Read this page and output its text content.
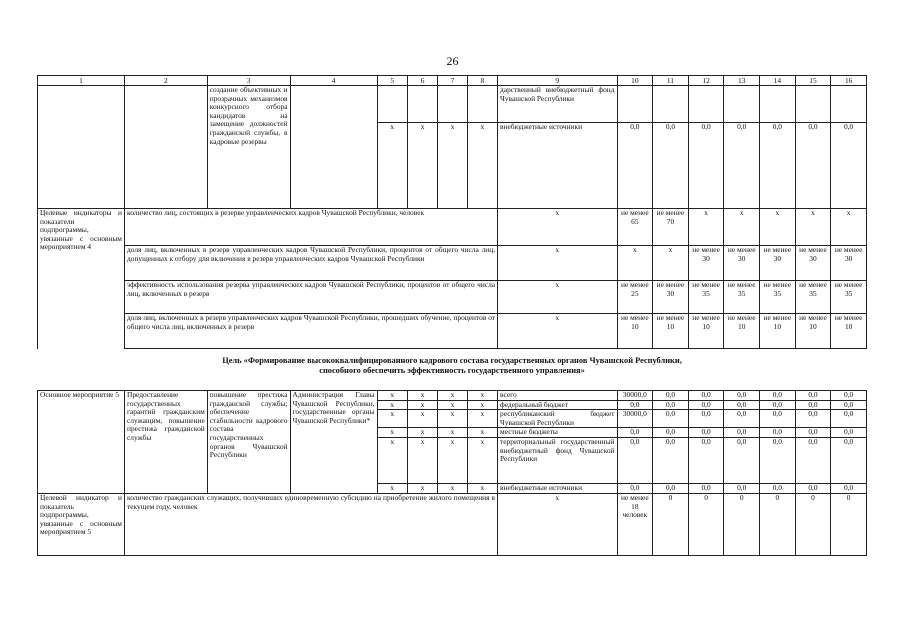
26
1	2	3	4	5	6	7	8	9	10	11	12	13	14	15	16
		создание объективных и прозрачных механизмов конкурсного отбора кандидатов на замещение должностей гражданской службы, в кадровые резервы						дарственный внебюджетный фонд Чувашской Республики							
				х	х	х	х	внебюджетные источники	0,0	0,0	0,0	0,0	0,0	0,0	0,0
Целевые индикаторы и показатели подпрограммы, увязанные с основным мероприятием 4	количество лиц, состоящих в резерве управленческих кадров Чувашской Республики, человек							х	не менее 65	не менее 70	х	х	х	х	х
	доля лиц, включенных в резерв управленческих кадров Чувашской Республики, процентов от общего числа лиц, допущенных к отбору для включения в резерв управленческих кадров Чувашской Республики							х	х	х	не менее 30	не менее 30	не менее 30	не менее 30	не менее 30
	эффективность использования резерва управленческих кадров Чувашской Республики, процентов от общего числа лиц, включенных в резерв							х	не менее 25	не менее 30	не менее 35	не менее 35	не менее 35	не менее 35	не менее 35
	доля лиц, включенных в резерв управленческих кадров Чувашской Республики, прошедших обучение, процентов от общего числа лиц, включенных в резерв							х	не менее 10	не менее 10	не менее 10	не менее 10	не менее 10	не менее 10	не менее 10
Цель «Формирование высококвалифицированного кадрового состава государственных органов Чувашской Республики,
способного обеспечить эффективность государственного управления»
Основное мероприятие 5	Предоставление государственных гарантий гражданским служащим, повышение престижа гражданской службы	повышение престижа гражданской службы; обеспечение стабильности кадрового состава государственных органов Чувашской Республики	Администрация Главы Чувашской Республики, государственные органы Чувашской Республики*	х	х	х	х	всего	30000,0	0,0	0,0	0,0	0,0	0,0	0,0
				х	х	х	х	федеральный бюджет	0,0	0,0	0,0	0,0	0,0	0,0	0,0
				х	х	х	х	республиканский бюджет Чувашской Республики	30000,0	0,0	0,0	0,0	0,0	0,0	0,0
				х	х	х	х	местные бюджеты	0,0	0,0	0,0	0,0	0,0	0,0	0,0
				х	х	х	х	территориальный государственный внебюджетный фонд Чувашской Республики	0,0	0,0	0,0	0,0	0,0	0,0	0,0
				х	х	х	х	внебюджетные источники	0,0	0,0	0,0	0,0	0,0	0,0	0,0
Целевой индикатор и показатель подпрограммы, увязанные с основным мероприятием 5	количество гражданских служащих, получивших единовременную субсидию на приобретение жилого помещения в текущем году, человек							х	не менее 18 человек	0	0	0	0	0	0
